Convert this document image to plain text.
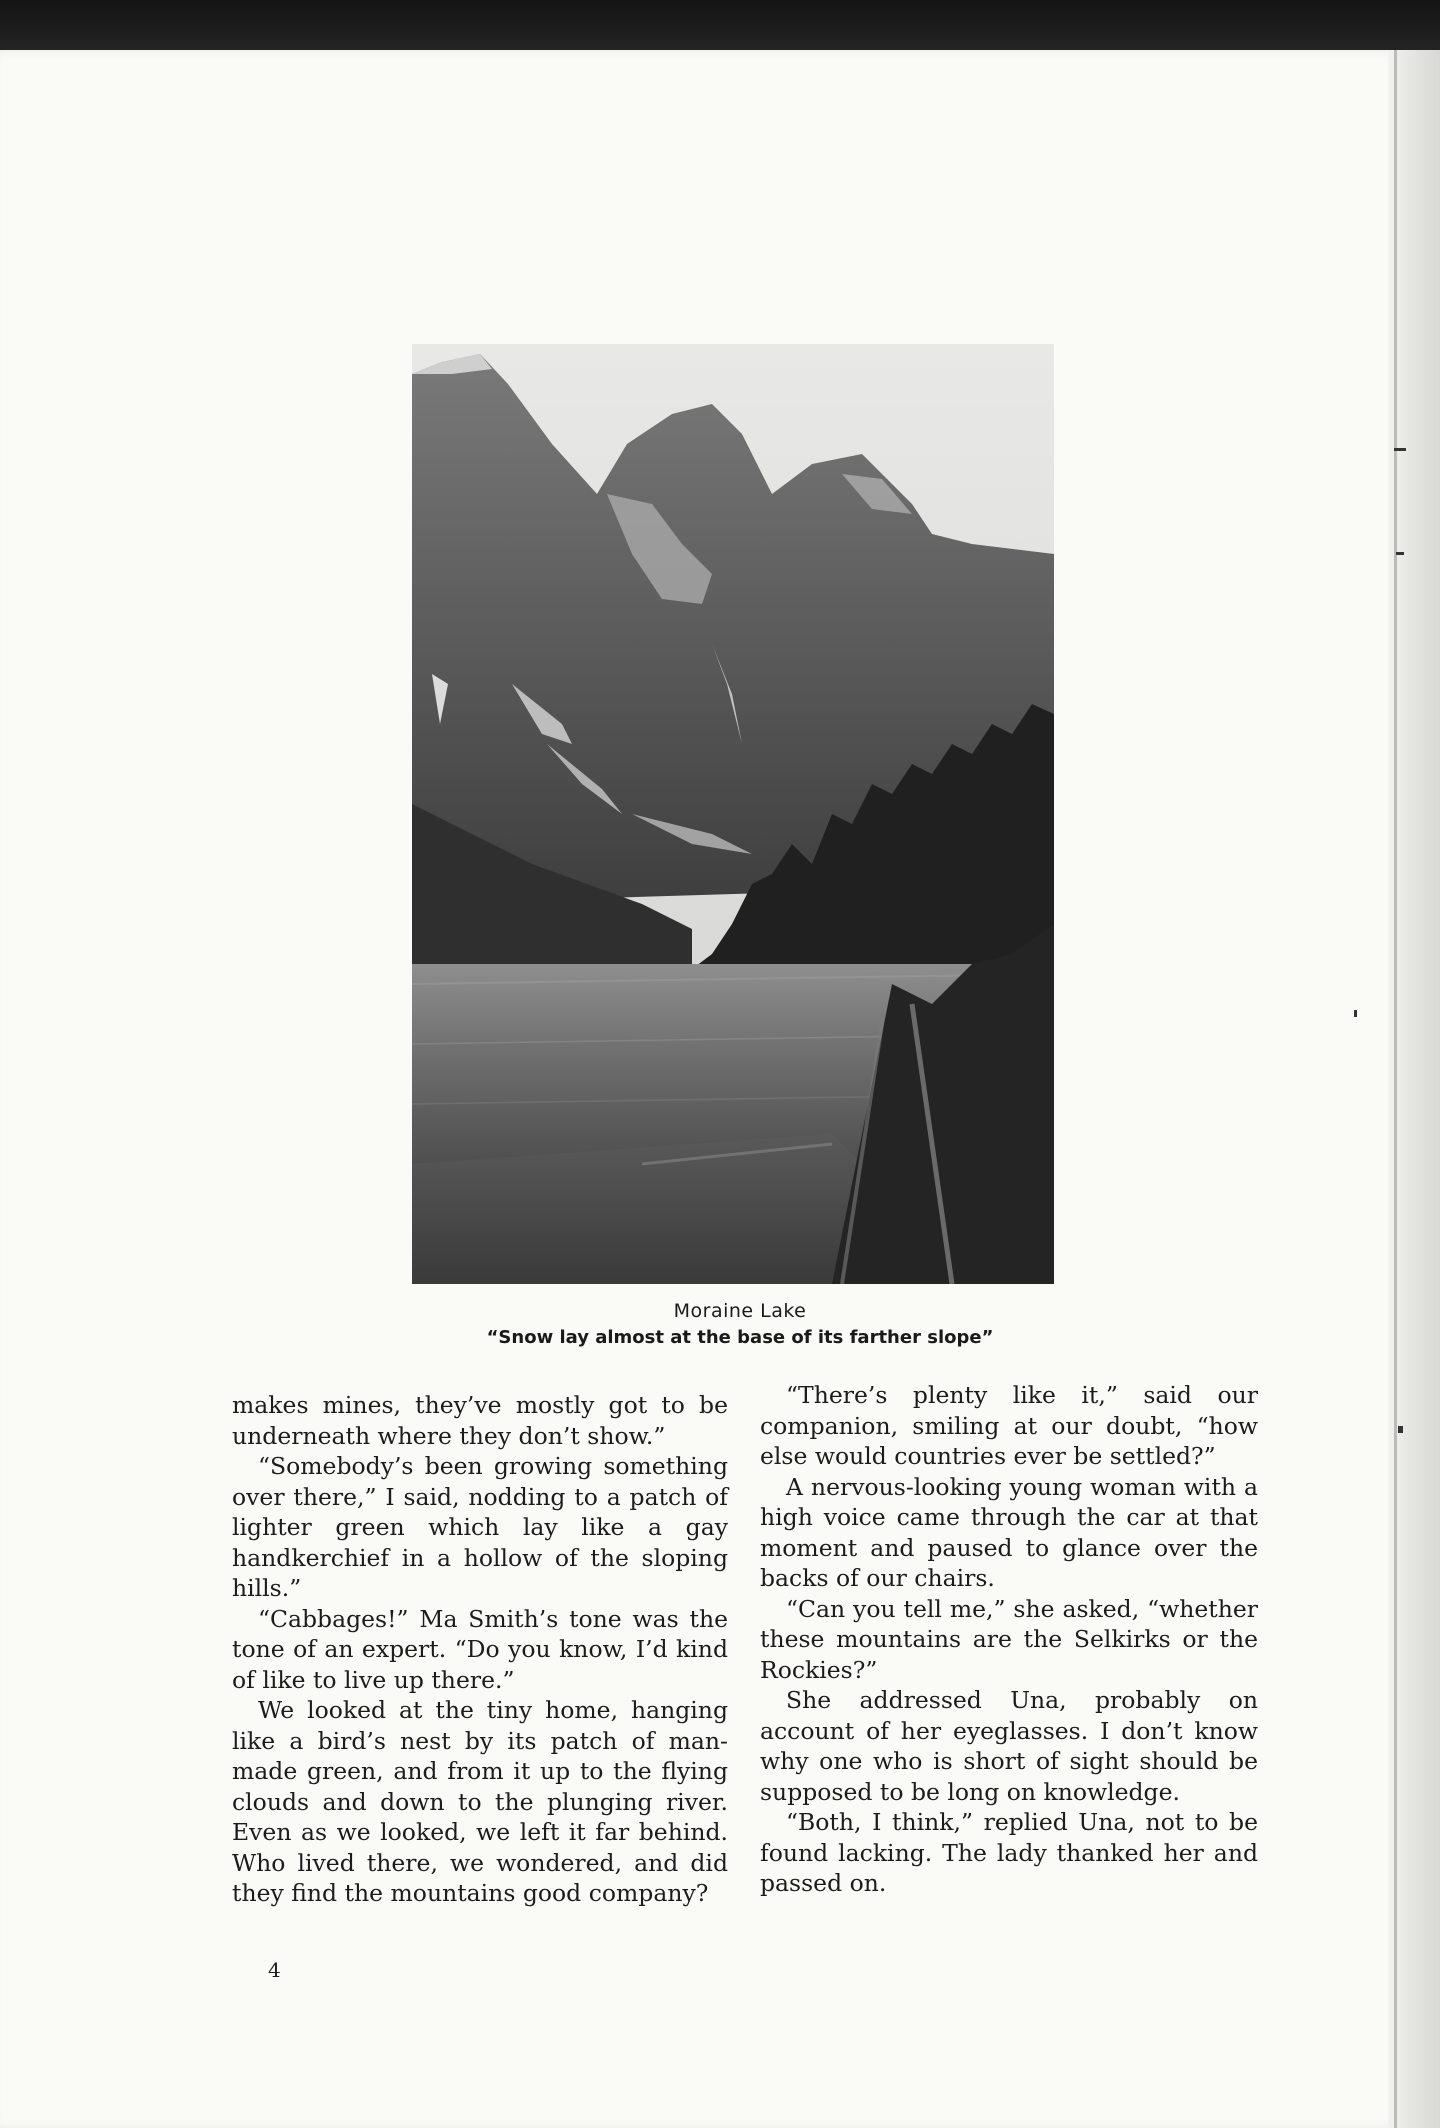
Moraine Lake
“Snow lay almost at the base of its farther slope”

makes mines, they’ve mostly got to be underneath where they don’t show.”

“Somebody’s been growing something over there,” I said, nodding to a patch of lighter green which lay like a gay handkerchief in a hollow of the sloping hills.”

“Cabbages!” Ma Smith’s tone was the tone of an expert. “Do you know, I’d kind of like to live up there.”

We looked at the tiny home, hanging like a bird’s nest by its patch of man-made green, and from it up to the flying clouds and down to the plunging river. Even as we looked, we left it far behind. Who lived there, we wondered, and did they find the mountains good company?

“There’s plenty like it,” said our companion, smiling at our doubt, “how else would countries ever be settled?”

A nervous-looking young woman with a high voice came through the car at that moment and paused to glance over the backs of our chairs.

“Can you tell me,” she asked, “whether these mountains are the Selkirks or the Rockies?”

She addressed Una, probably on account of her eyeglasses. I don’t know why one who is short of sight should be supposed to be long on knowledge.

“Both, I think,” replied Una, not to be found lacking. The lady thanked her and passed on.

4
